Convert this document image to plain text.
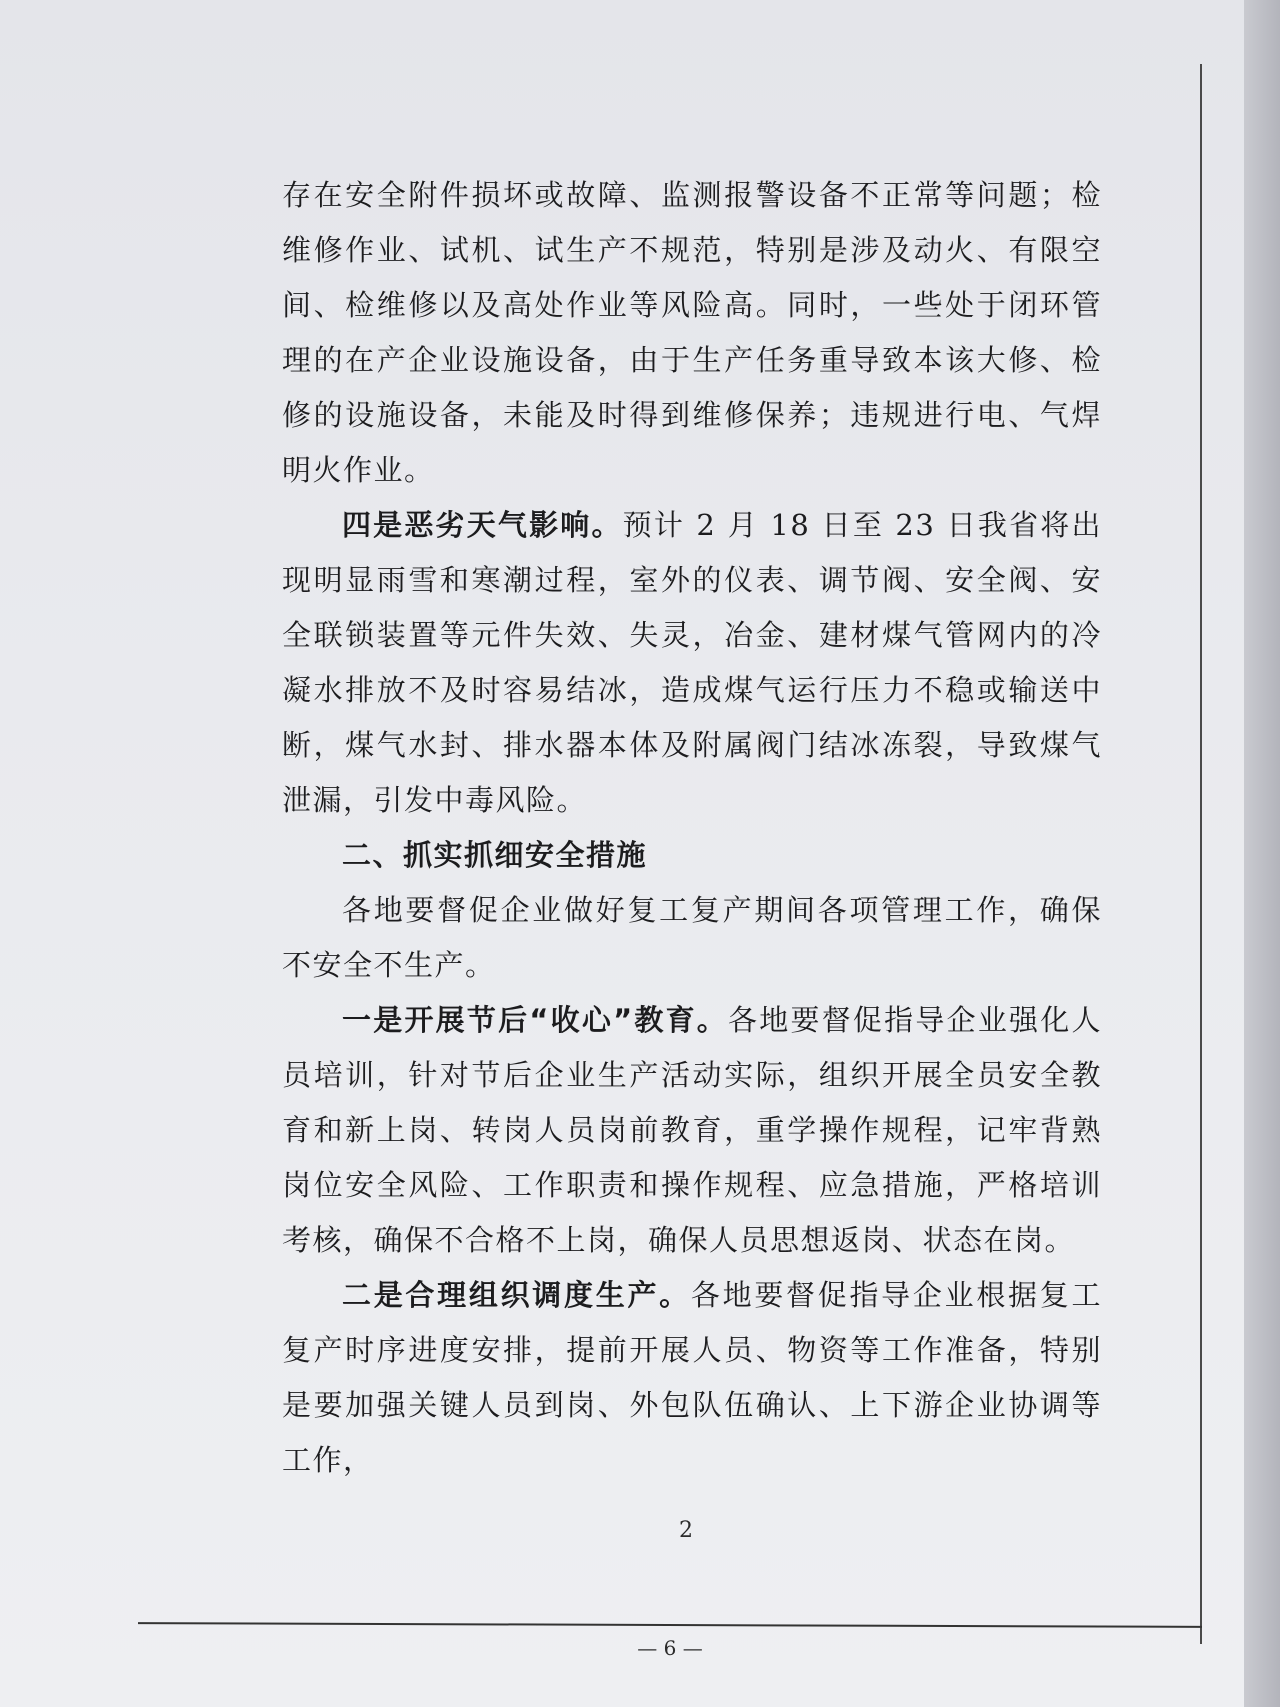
存在安全附件损坏或故障、监测报警设备不正常等问题；检维修作业、试机、试生产不规范，特别是涉及动火、有限空间、检维修以及高处作业等风险高。同时，一些处于闭环管理的在产企业设施设备，由于生产任务重导致本该大修、检修的设施设备，未能及时得到维修保养；违规进行电、气焊明火作业。

四是恶劣天气影响。预计 2 月 18 日至 23 日我省将出现明显雨雪和寒潮过程，室外的仪表、调节阀、安全阀、安全联锁装置等元件失效、失灵，冶金、建材煤气管网内的冷凝水排放不及时容易结冰，造成煤气运行压力不稳或输送中断，煤气水封、排水器本体及附属阀门结冰冻裂，导致煤气泄漏，引发中毒风险。

二、抓实抓细安全措施

各地要督促企业做好复工复产期间各项管理工作，确保不安全不生产。

一是开展节后“收心”教育。各地要督促指导企业强化人员培训，针对节后企业生产活动实际，组织开展全员安全教育和新上岗、转岗人员岗前教育，重学操作规程，记牢背熟岗位安全风险、工作职责和操作规程、应急措施，严格培训考核，确保不合格不上岗，确保人员思想返岗、状态在岗。

二是合理组织调度生产。各地要督促指导企业根据复工复产时序进度安排，提前开展人员、物资等工作准备，特别是要加强关键人员到岗、外包队伍确认、上下游企业协调等工作，

2
— 6 —
